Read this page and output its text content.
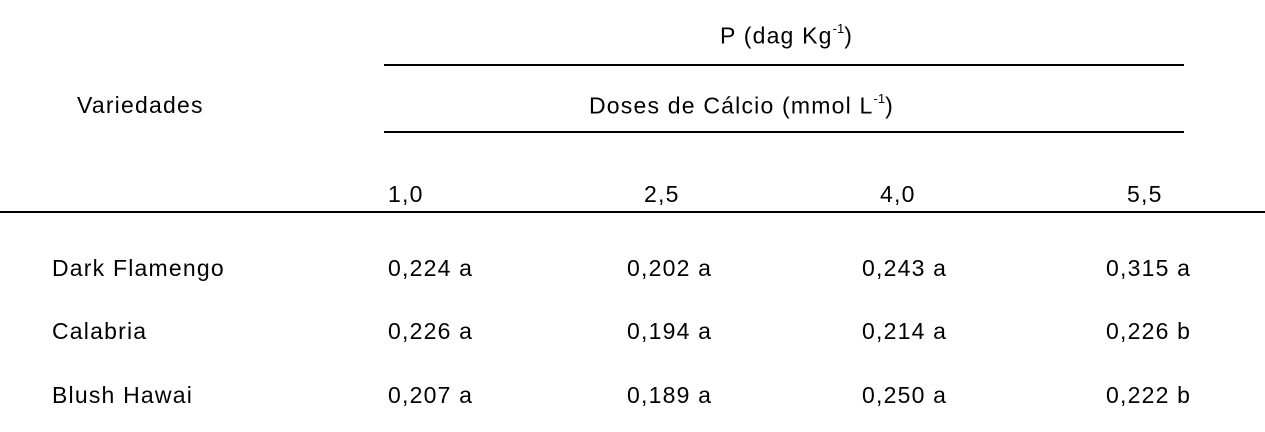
Variedades
P (dag $Kg^{-1}$)
Doses de Cálcio (mmol $L^{-1}$)
1,0	2,5	4,0	5,5
Dark Flamengo	0,224 a	0,202 a	0,243 a	0,315 a
Calabria	0,226 a	0,194 a	0,214 a	0,226 b
Blush Hawai	0,207 a	0,189 a	0,250 a	0,222 b
